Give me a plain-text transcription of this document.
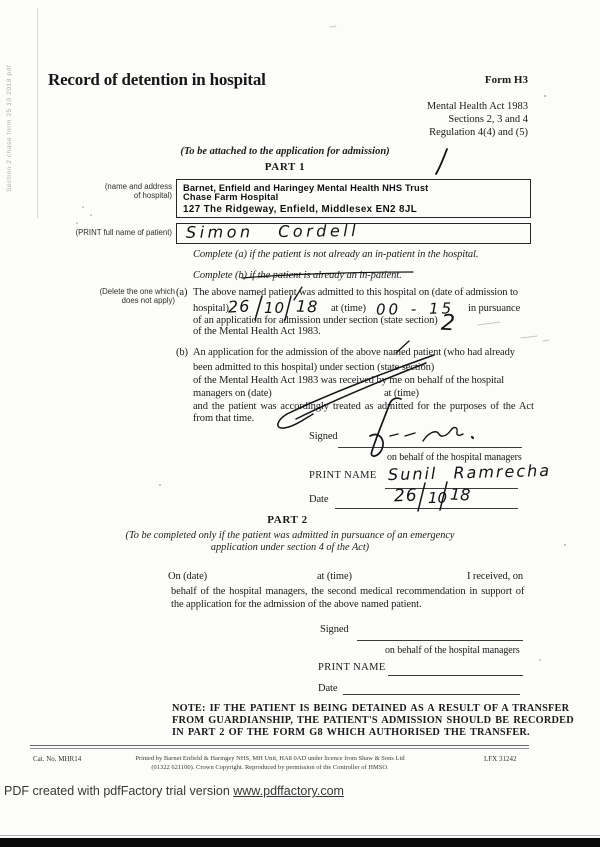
Section 2 chase form 25 10 2018 pdf Record of detention in hospital	Form H3
Mental Health Act 1983
Sections 2, 3 and 4
Regulation 4(4) and (5)
(To be attached to the application for admission)
PART 1
(name and address
of hospital)
Barnet, Enfield and Haringey Mental Health NHS Trust
Chase Farm Hospital
127 The Ridgeway, Enfield, Middlesex EN2 8JL
(PRINT full name of patient) Simon Cordell
Complete (a) if the patient is not already an in-patient in the hospital.
Complete (b) if the patient is already an in-patient.
(Delete the one which
does not apply)
(a) The above named patient was admitted to this hospital on (date of admission to
hospital)	at (time)	in pursuance
of an application for admission under section (state section)
of the Mental Health Act 1983.
26 10 18	00 - 15
2
(b) An application for the admission of the above named patient (who had already
been admitted to this hospital) under section (state section)
of the Mental Health Act 1983 was received by me on behalf of the hospital
managers on (date)	at (time)
and the patient was accordingly treated as admitted for the purposes of the Act
from that time.
Signed
on behalf of the hospital managers
PRINT NAME Sunil Ramrecha
Date	26 10 18
PART 2
(To be completed only if the patient was admitted in pursuance of an emergency
application under section 4 of the Act)
On (date)	at (time)	I received, on
behalf of the hospital managers, the second medical recommendation in support of
the application for the admission of the above named patient.
Signed
on behalf of the hospital managers
PRINT NAME
Date
NOTE: IF THE PATIENT IS BEING DETAINED AS A RESULT OF A TRANSFER
FROM GUARDIANSHIP, THE PATIENT'S ADMISSION SHOULD BE RECORDED
IN PART 2 OF THE FORM G8 WHICH AUTHORISED THE TRANSFER.
Cat. No. MHR14	Printed by Barnet Enfield & Haringey NHS, MH Unit, HA8 0AD under licence from Shaw & Sons Ltd
(01322 621100). Crown Copyright. Reproduced by permission of the Controller of HMSO.
LFX 31242
PDF created with pdfFactory trial version www.pdffactory.com
